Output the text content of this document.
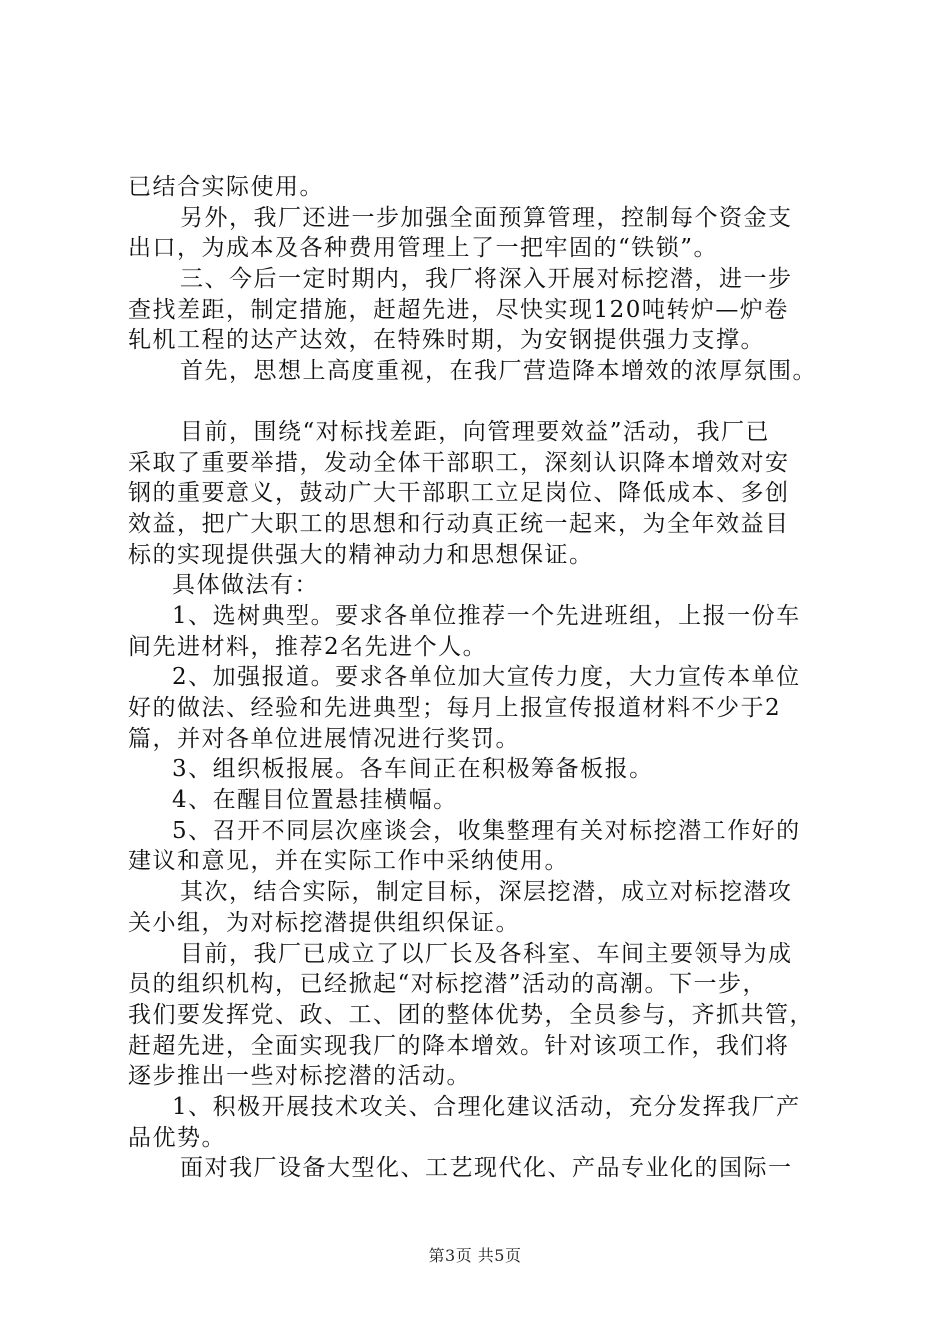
已结合实际使用。
另外，我厂还进一步加强全面预算管理，控制每个资金支
出口，为成本及各种费用管理上了一把牢固的“铁锁”。
三、今后一定时期内，我厂将深入开展对标挖潜，进一步
查找差距，制定措施，赶超先进，尽快实现120吨转炉—炉卷
轧机工程的达产达效，在特殊时期，为安钢提供强力支撑。
首先，思想上高度重视，在我厂营造降本增效的浓厚氛围。
目前，围绕“对标找差距，向管理要效益”活动，我厂已
采取了重要举措，发动全体干部职工，深刻认识降本增效对安
钢的重要意义，鼓动广大干部职工立足岗位、降低成本、多创
效益，把广大职工的思想和行动真正统一起来，为全年效益目
标的实现提供强大的精神动力和思想保证。
具体做法有：
1、选树典型。要求各单位推荐一个先进班组，上报一份车
间先进材料，推荐2名先进个人。
2、加强报道。要求各单位加大宣传力度，大力宣传本单位
好的做法、经验和先进典型；每月上报宣传报道材料不少于2
篇，并对各单位进展情况进行奖罚。
3、组织板报展。各车间正在积极筹备板报。
4、在醒目位置悬挂横幅。
5、召开不同层次座谈会，收集整理有关对标挖潜工作好的
建议和意见，并在实际工作中采纳使用。
其次，结合实际，制定目标，深层挖潜，成立对标挖潜攻
关小组，为对标挖潜提供组织保证。
目前，我厂已成立了以厂长及各科室、车间主要领导为成
员的组织机构，已经掀起“对标挖潜”活动的高潮。下一步，
我们要发挥党、政、工、团的整体优势，全员参与，齐抓共管，
赶超先进，全面实现我厂的降本增效。针对该项工作，我们将
逐步推出一些对标挖潜的活动。
1、积极开展技术攻关、合理化建议活动，充分发挥我厂产
品优势。
面对我厂设备大型化、工艺现代化、产品专业化的国际一
第3页 共5页
